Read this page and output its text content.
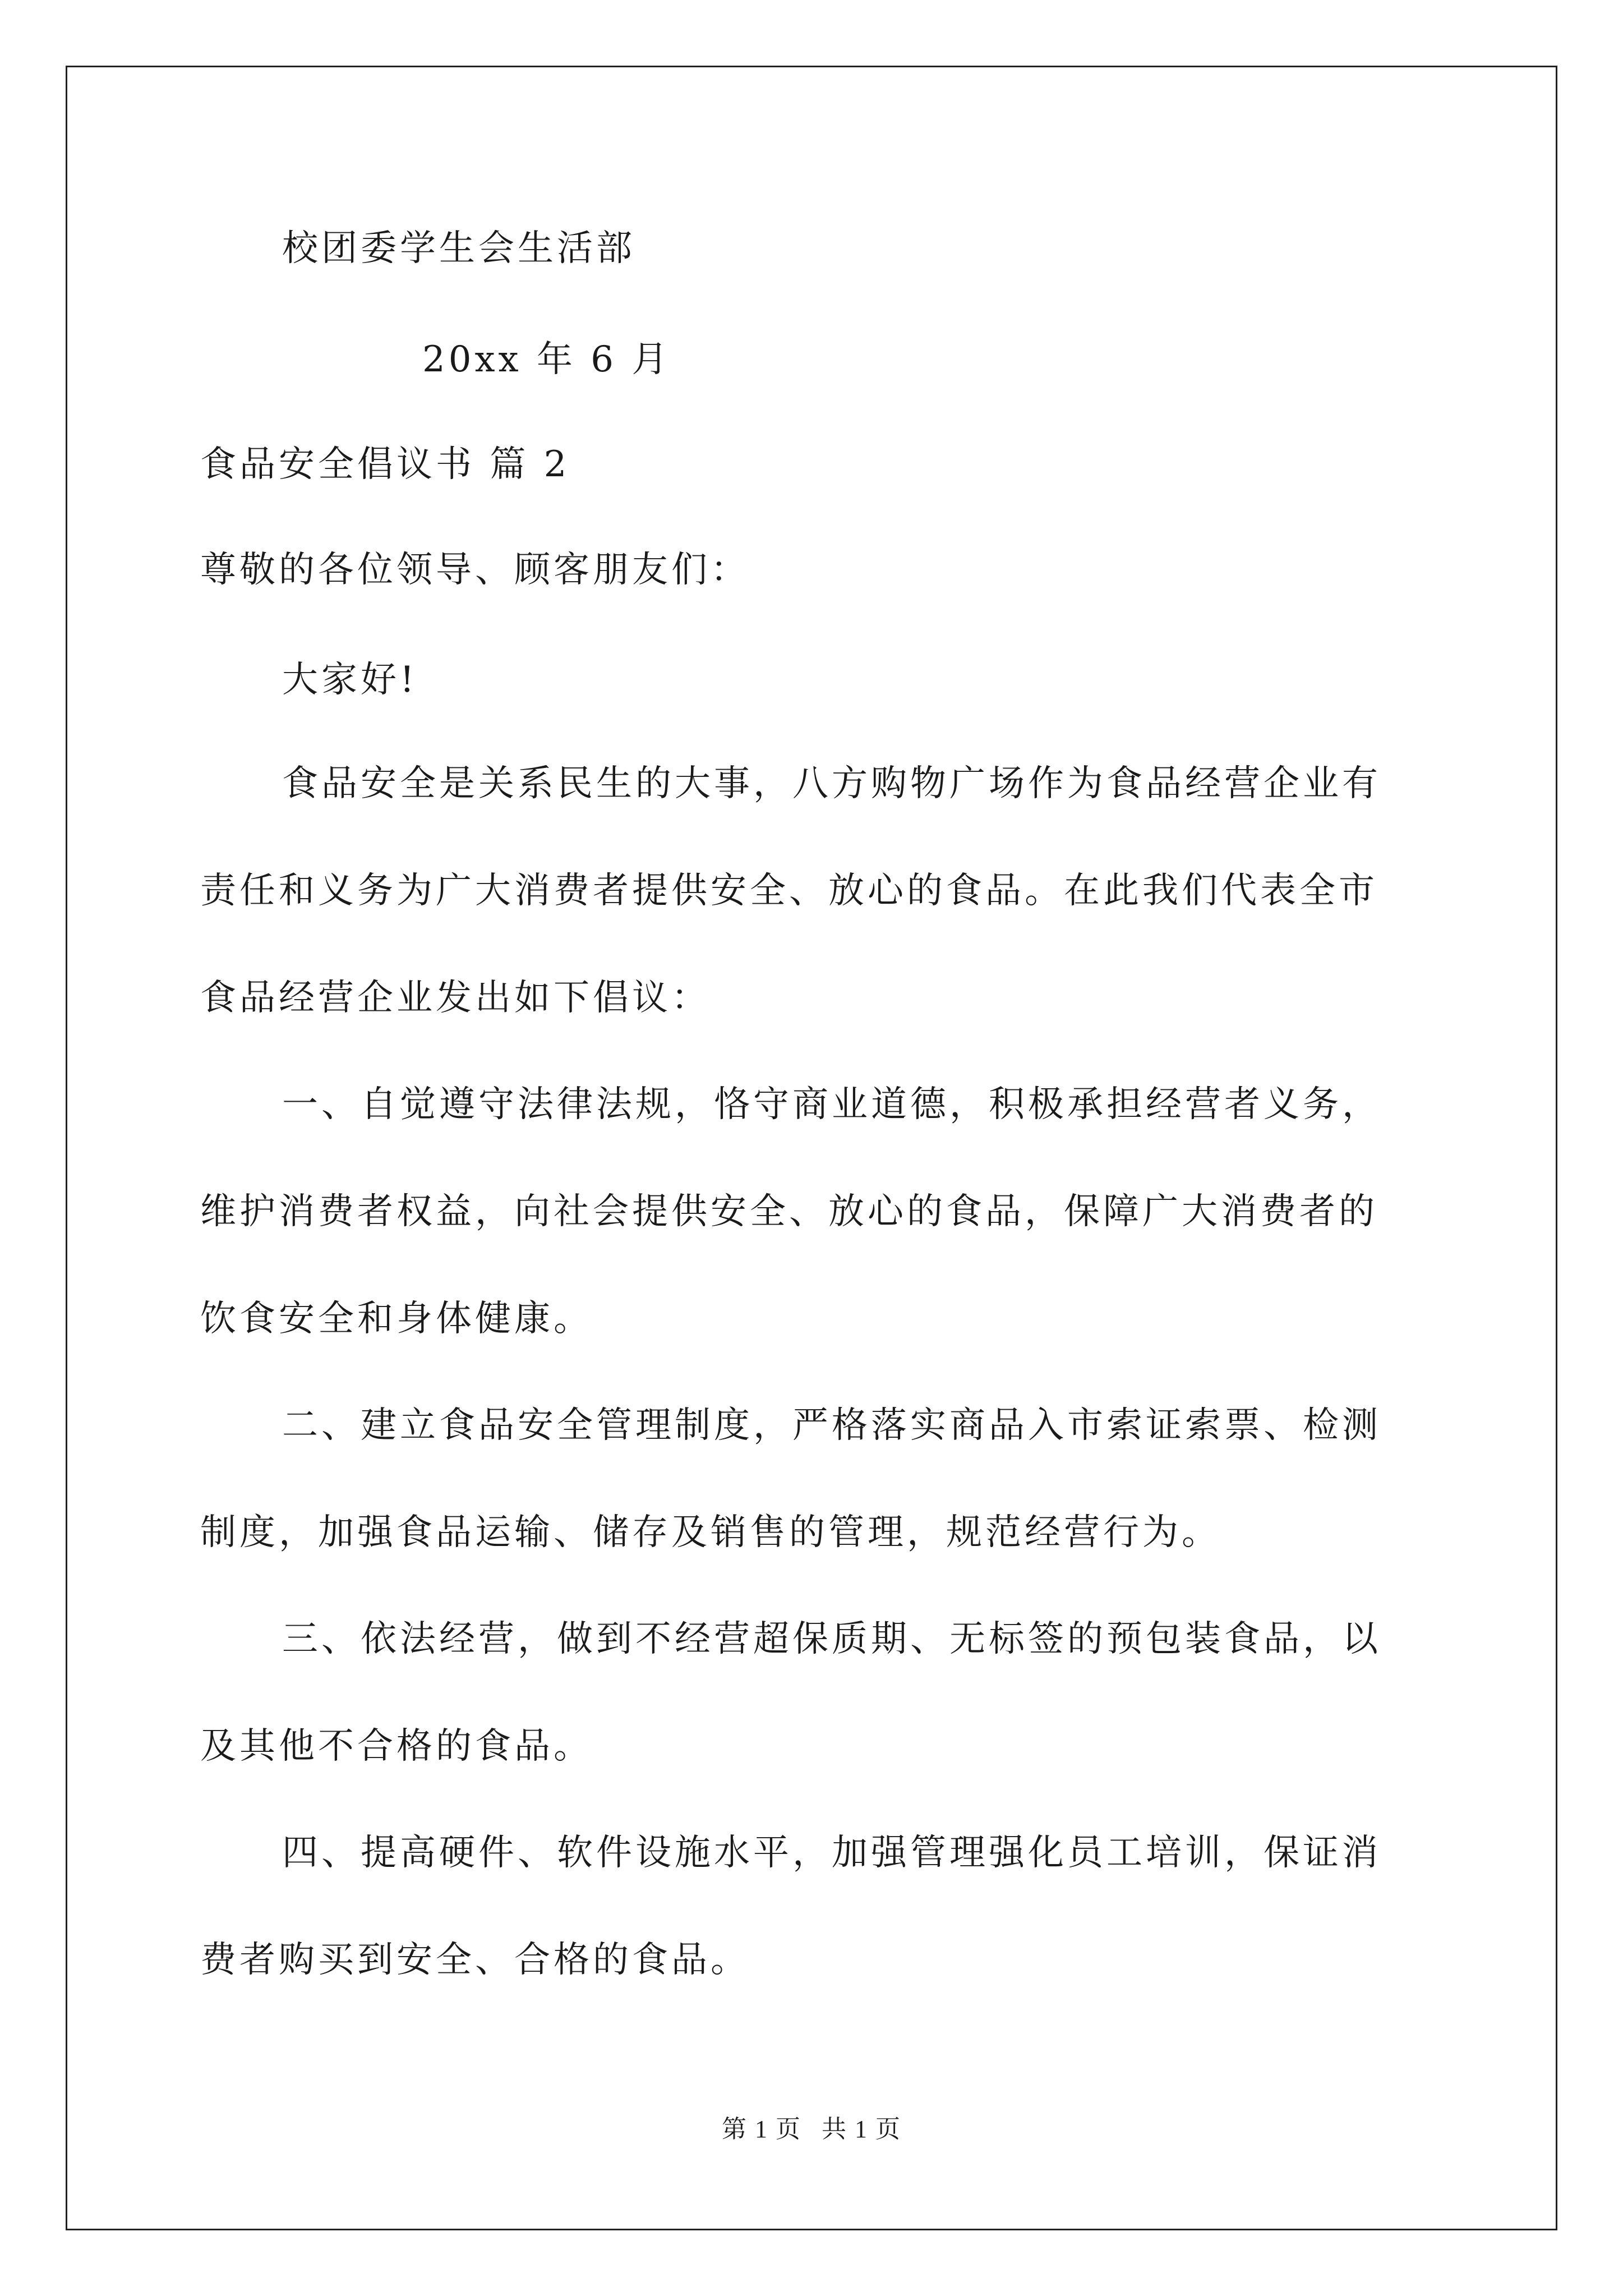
校团委学生会生活部
20xx 年 6 月
食品安全倡议书 篇 2
尊敬的各位领导、顾客朋友们：
大家好!
食品安全是关系民生的大事，八方购物广场作为食品经营企业有
责任和义务为广大消费者提供安全、放心的食品。在此我们代表全市
食品经营企业发出如下倡议：
一、自觉遵守法律法规，恪守商业道德，积极承担经营者义务，
维护消费者权益，向社会提供安全、放心的食品，保障广大消费者的
饮食安全和身体健康。
二、建立食品安全管理制度，严格落实商品入市索证索票、检测
制度，加强食品运输、储存及销售的管理，规范经营行为。
三、依法经营，做到不经营超保质期、无标签的预包装食品，以
及其他不合格的食品。
四、提高硬件、软件设施水平，加强管理强化员工培训，保证消
费者购买到安全、合格的食品。
第 1 页 共 1 页
